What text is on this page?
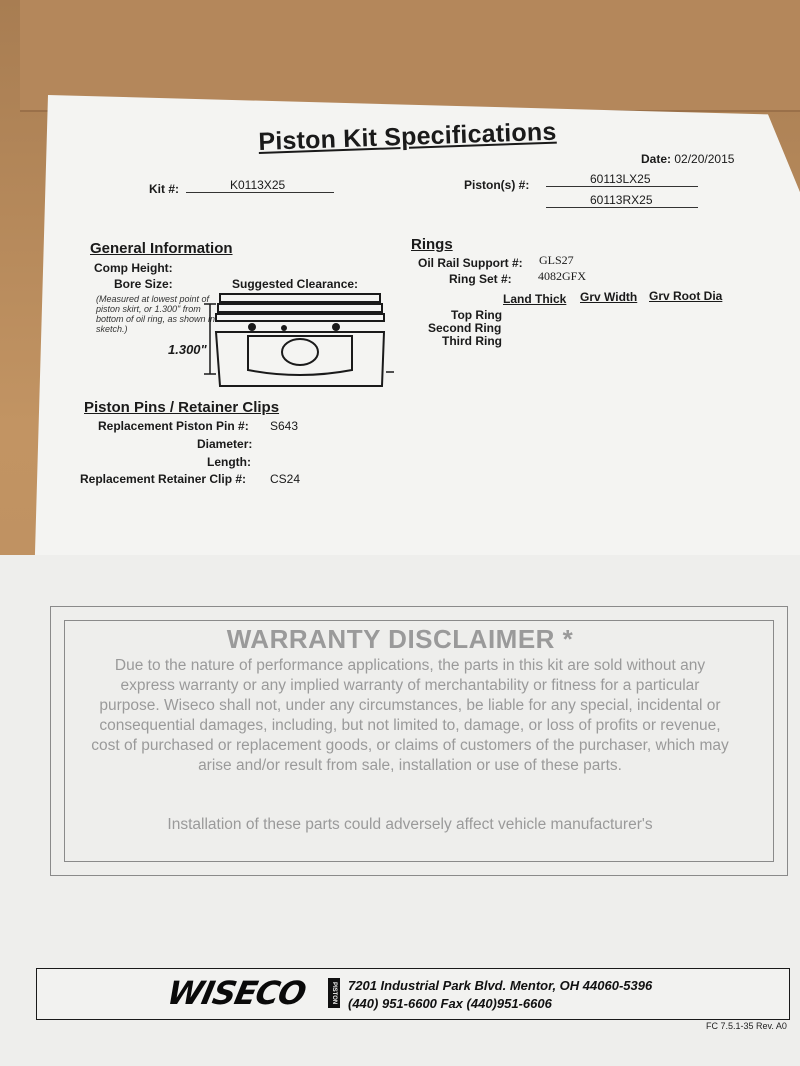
Piston Kit Specifications
Date: 02/20/2015
Kit #:	K0113X25	Piston(s) #:	60113LX25
60113RX25
General Information
Comp Height:
Bore Size:	Suggested Clearance:
(Measured at lowest point of piston skirt, or 1.300" from bottom of oil ring, as shown in sketch.)
1.300"
Rings
Oil Rail Support #: GLS27
Ring Set #: 4082GFX
Land Thick Grv Width Grv Root Dia
Top Ring
Second Ring
Third Ring
Piston Pins / Retainer Clips
Replacement Piston Pin #: S643
Diameter:
Length:
Replacement Retainer Clip #: CS24
WARRANTY DISCLAIMER *
Due to the nature of performance applications, the parts in this kit are sold without any express warranty or any implied warranty of merchantability or fitness for a particular purpose. Wiseco shall not, under any circumstances, be liable for any special, incidental or consequential damages, including, but not limited to, damage, or loss of profits or revenue, cost of purchased or replacement goods, or claims of customers of the purchaser, which may arise and/or result from sale, installation or use of these parts.
Installation of these parts could adversely affect vehicle manufacturer's
WISECO	PISTON 7201 Industrial Park Blvd. Mentor, OH 44060-5396
(440) 951-6600 Fax (440)951-6606
FC 7.5.1-35 Rev. A0
